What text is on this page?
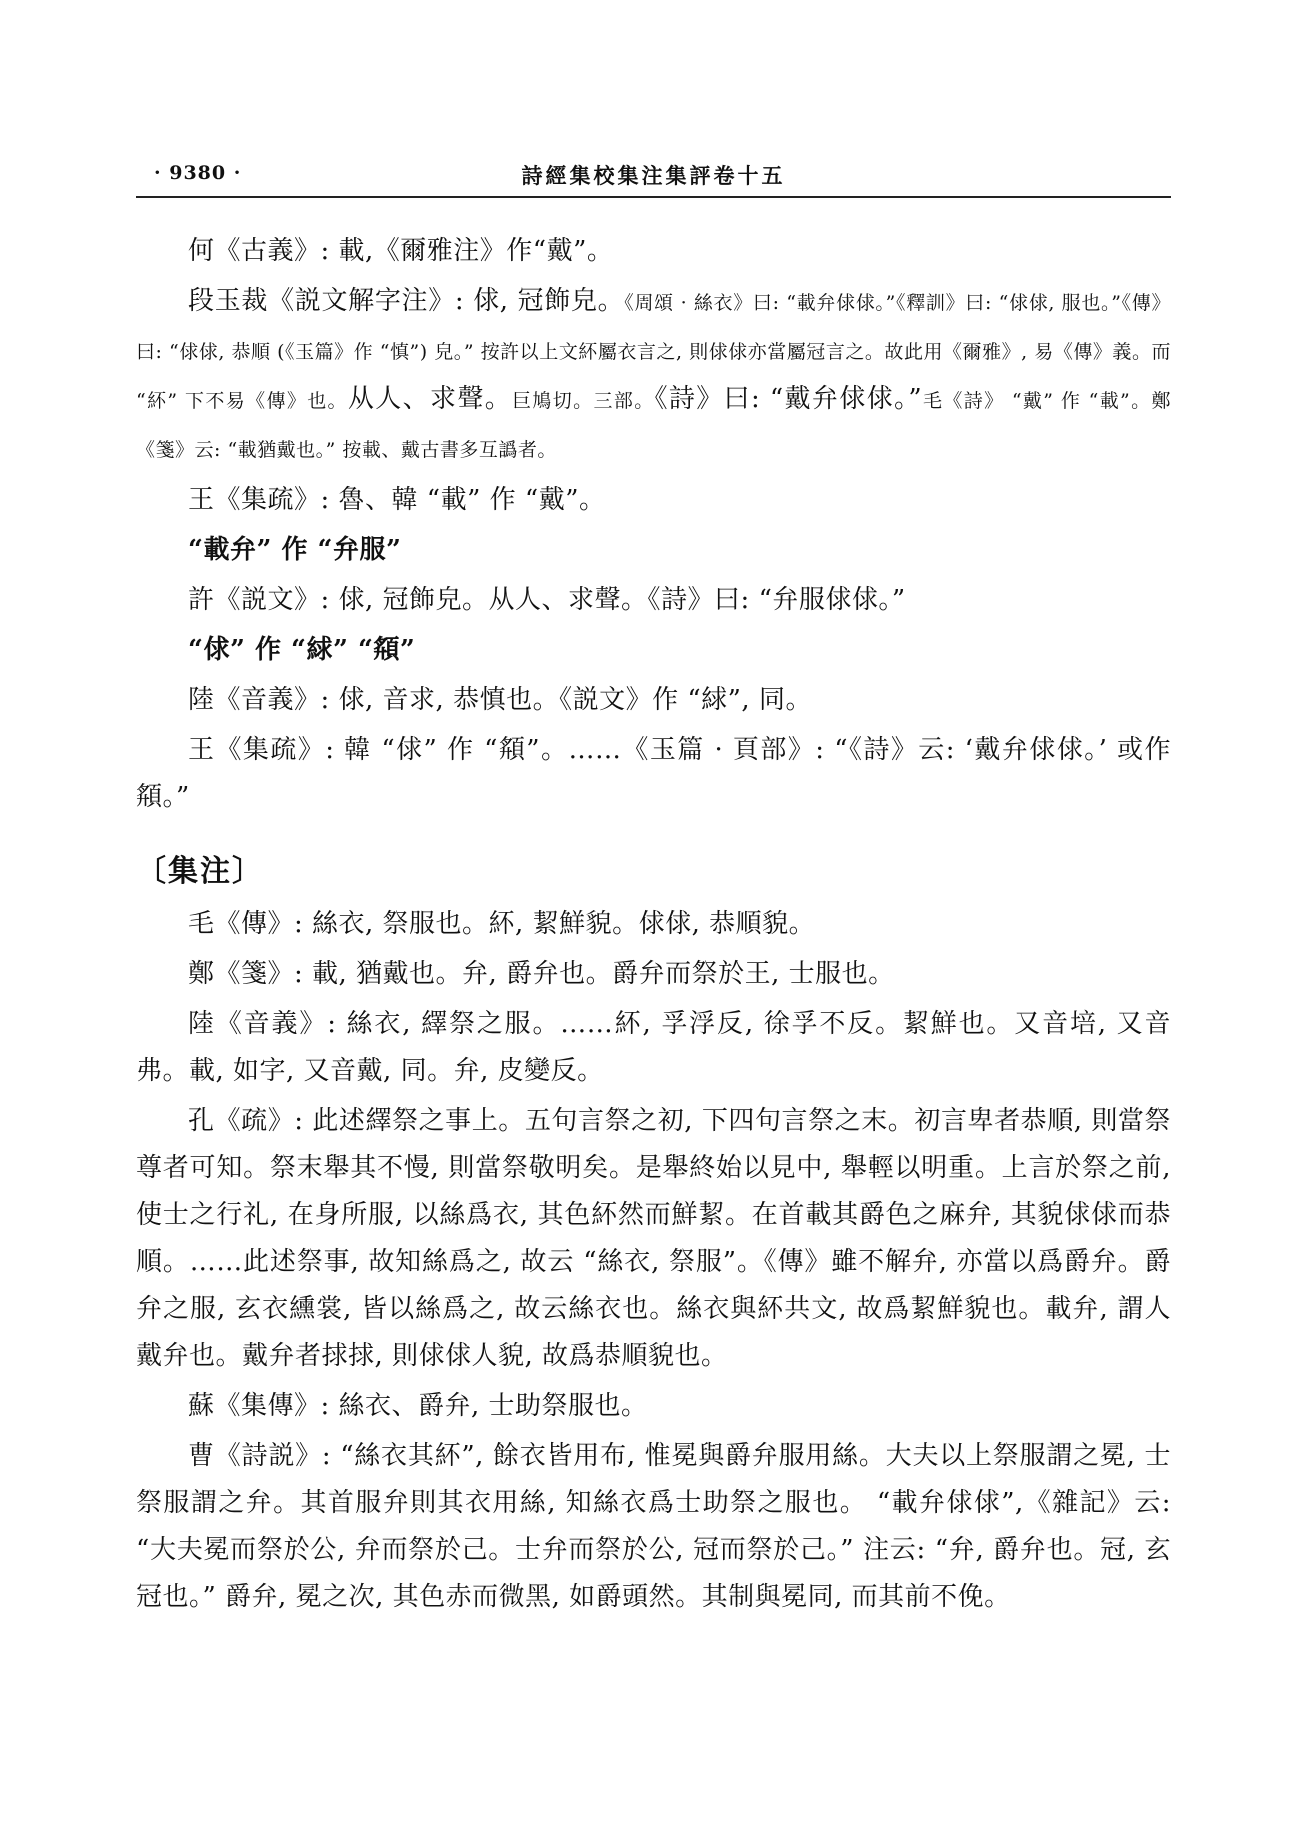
· 9380 ·	詩經集校集注集評卷十五

何《古義》: 載,《爾雅注》作“戴”。

段玉裁《説文解字注》: 俅, 冠飾皃。《周頌 · 絲衣》曰: “載弁俅俅。”《釋訓》曰: “俅俅, 服也。”《傳》曰: “俅俅, 恭順 (《玉篇》作 “慎”) 皃。” 按許以上文紑屬衣言之, 則俅俅亦當屬冠言之。故此用《爾雅》, 易《傳》義。而 “紑” 下不易《傳》也。从人、求聲。巨鳩切。三部。《詩》曰: “戴弁俅俅。”毛《詩》 “戴” 作 “載”。鄭《箋》云: “載猶戴也。” 按載、戴古書多互譌者。

王《集疏》: 魯、韓 “載” 作 “戴”。

“載弁” 作 “弁服”

許《説文》: 俅, 冠飾皃。从人、求聲。《詩》曰: “弁服俅俅。”

“俅” 作 “絿” “頯”

陸《音義》: 俅, 音求, 恭慎也。《説文》作 “絿”, 同。

王《集疏》: 韓 “俅” 作 “頯”。……《玉篇 · 頁部》: “《詩》云: ‘戴弁俅俅。’ 或作頯。”

〔集注〕

毛《傳》: 絲衣, 祭服也。紑, 絜鮮貌。俅俅, 恭順貌。

鄭《箋》: 載, 猶戴也。弁, 爵弁也。爵弁而祭於王, 士服也。

陸《音義》: 絲衣, 繹祭之服。……紑, 孚浮反, 徐孚不反。絜鮮也。又音培, 又音弗。載, 如字, 又音戴, 同。弁, 皮變反。

孔《疏》: 此述繹祭之事上。五句言祭之初, 下四句言祭之末。初言卑者恭順, 則當祭尊者可知。祭末舉其不慢, 則當祭敬明矣。是舉終始以見中, 舉輕以明重。上言於祭之前, 使士之行礼, 在身所服, 以絲爲衣, 其色紑然而鮮絜。在首載其爵色之麻弁, 其貌俅俅而恭順。……此述祭事, 故知絲爲之, 故云 “絲衣, 祭服”。《傳》雖不解弁, 亦當以爲爵弁。爵弁之服, 玄衣纁裳, 皆以絲爲之, 故云絲衣也。絲衣與紑共文, 故爲絜鮮貌也。載弁, 謂人戴弁也。戴弁者捄捄, 則俅俅人貌, 故爲恭順貌也。

蘇《集傳》: 絲衣、爵弁, 士助祭服也。

曹《詩説》: “絲衣其紑”, 餘衣皆用布, 惟冕與爵弁服用絲。大夫以上祭服謂之冕, 士祭服謂之弁。其首服弁則其衣用絲, 知絲衣爲士助祭之服也。 “載弁俅俅”,《雜記》云: “大夫冕而祭於公, 弁而祭於己。士弁而祭於公, 冠而祭於己。” 注云: “弁, 爵弁也。冠, 玄冠也。” 爵弁, 冕之次, 其色赤而微黑, 如爵頭然。其制與冕同, 而其前不俛。
